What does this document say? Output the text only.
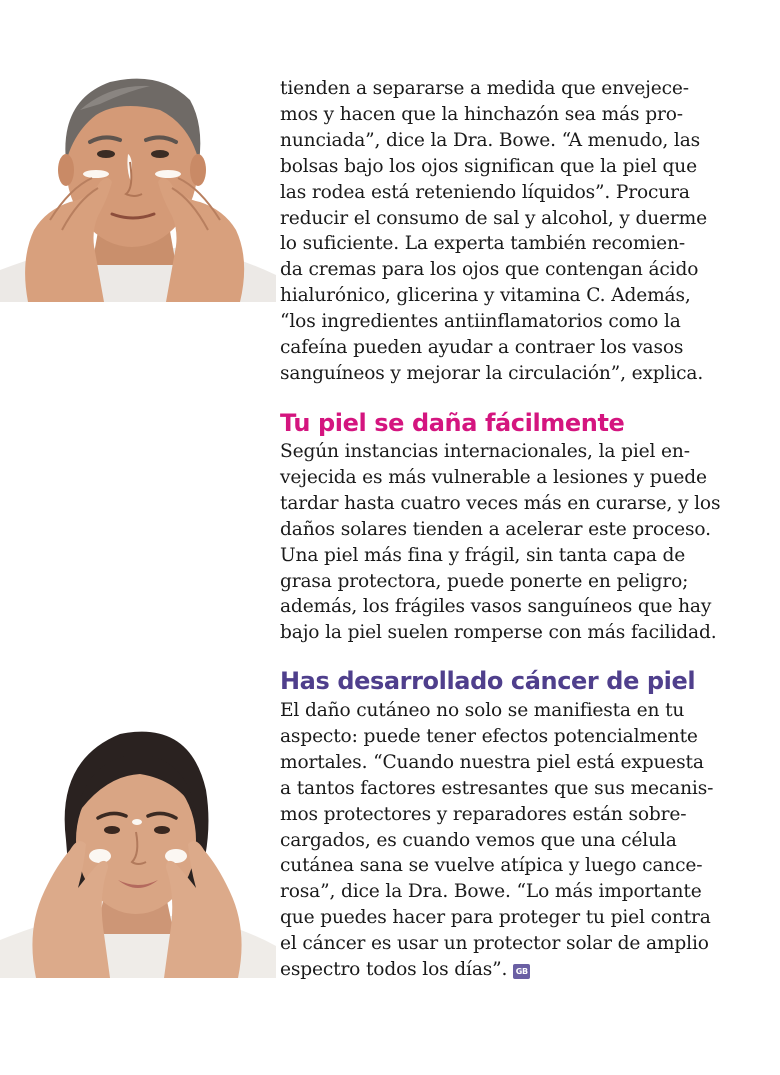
tienden a separarse a medida que envejece-
mos y hacen que la hinchazón sea más pro-
nunciada”, dice la Dra. Bowe. “A menudo, las
bolsas bajo los ojos significan que la piel que
las rodea está reteniendo líquidos”. Procura
reducir el consumo de sal y alcohol, y duerme
lo suficiente. La experta también recomien-
da cremas para los ojos que contengan ácido
hialurónico, glicerina y vitamina C. Además,
“los ingredientes antiinflamatorios como la
cafeína pueden ayudar a contraer los vasos
sanguíneos y mejorar la circulación”, explica.
Tu piel se daña fácilmente
Según instancias internacionales, la piel en-
vejecida es más vulnerable a lesiones y puede
tardar hasta cuatro veces más en curarse, y los
daños solares tienden a acelerar este proceso.
Una piel más fina y frágil, sin tanta capa de
grasa protectora, puede ponerte en peligro;
además, los frágiles vasos sanguíneos que hay
bajo la piel suelen romperse con más facilidad.
Has desarrollado cáncer de piel
El daño cutáneo no solo se manifiesta en tu
aspecto: puede tener efectos potencialmente
mortales. “Cuando nuestra piel está expuesta
a tantos factores estresantes que sus mecanis-
mos protectores y reparadores están sobre-
cargados, es cuando vemos que una célula
cutánea sana se vuelve atípica y luego cance-
rosa”, dice la Dra. Bowe. “Lo más importante
que puedes hacer para proteger tu piel contra
el cáncer es usar un protector solar de amplio
espectro todos los días”. GB
